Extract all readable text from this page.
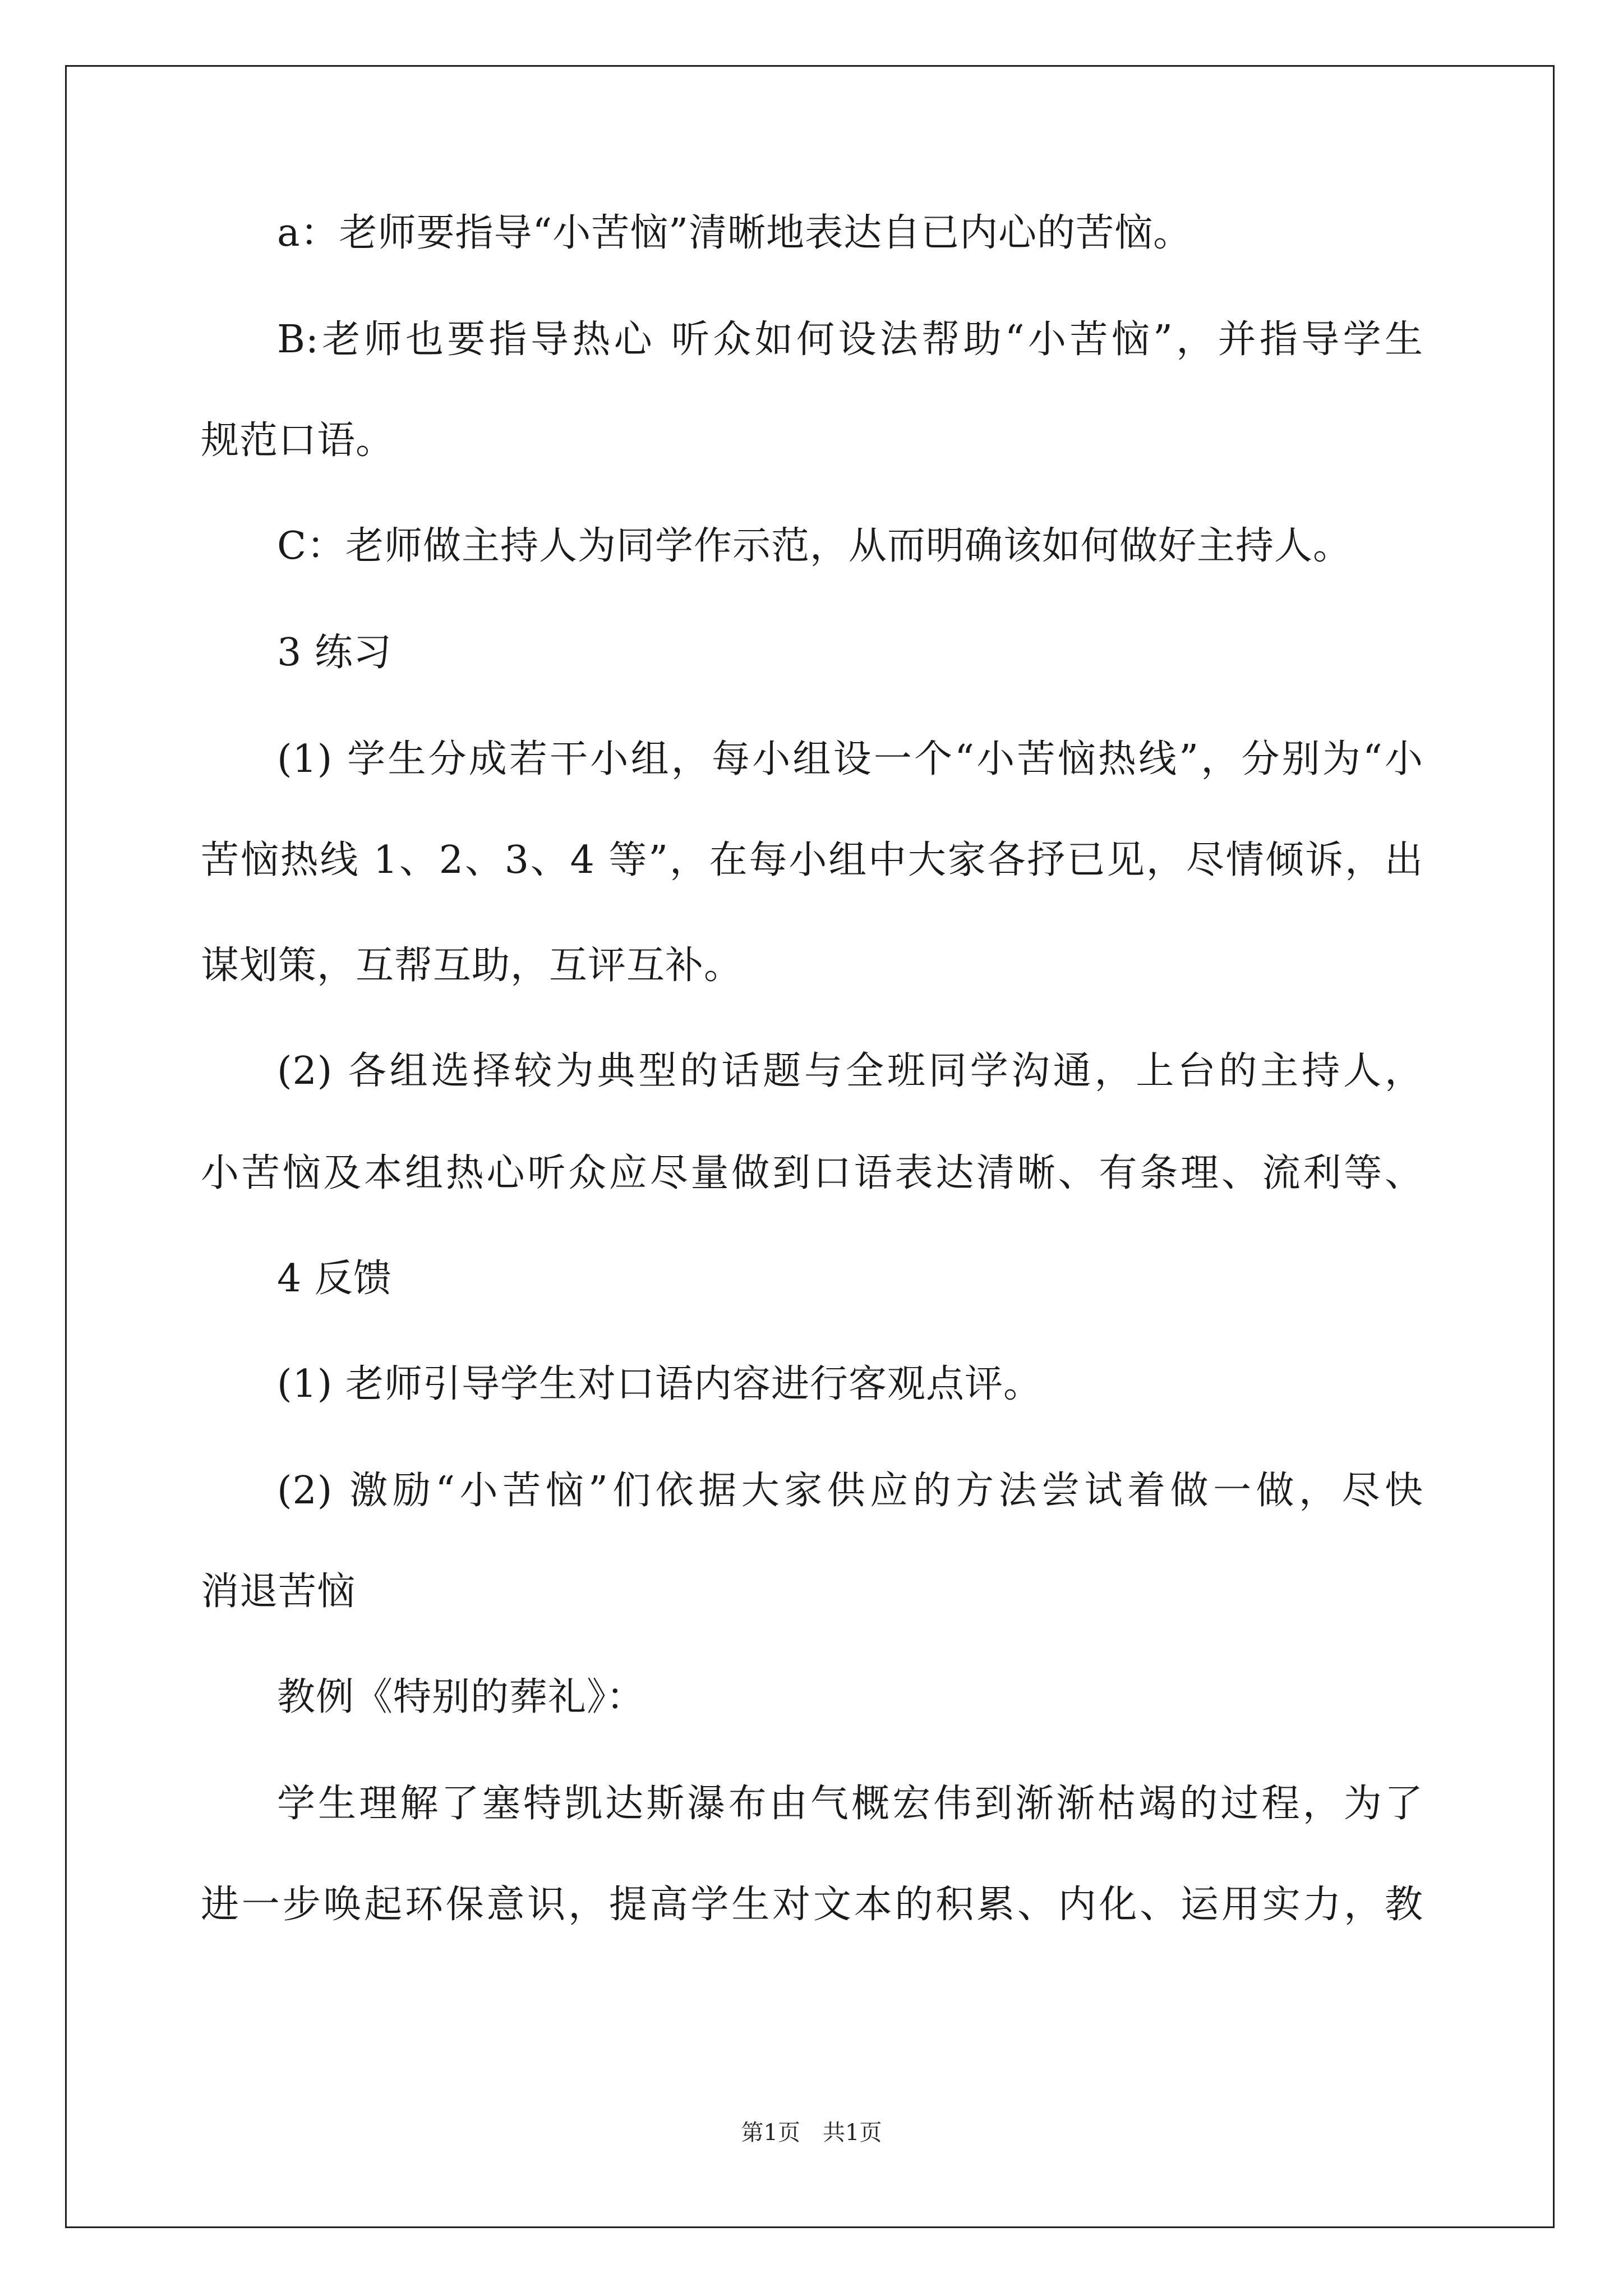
a：老师要指导“小苦恼”清晰地表达自已内心的苦恼。
B:老师也要指导热心 听众如何设法帮助“小苦恼”，并指导学生
规范口语。
C：老师做主持人为同学作示范，从而明确该如何做好主持人。
3 练习
(1) 学生分成若干小组，每小组设一个“小苦恼热线”，分别为“小
苦恼热线 1、2、3、4 等”，在每小组中大家各抒已见，尽情倾诉，出
谋划策，互帮互助，互评互补。
(2) 各组选择较为典型的话题与全班同学沟通，上台的主持人，
小苦恼及本组热心听众应尽量做到口语表达清晰、有条理、流利等、
4 反馈
(1) 老师引导学生对口语内容进行客观点评。
(2) 激励“小苦恼”们依据大家供应的方法尝试着做一做，尽快
消退苦恼
教例《特别的葬礼》：
学生理解了塞特凯达斯瀑布由气概宏伟到渐渐枯竭的过程，为了
进一步唤起环保意识，提高学生对文本的积累、内化、运用实力，教
第1页　共1页
